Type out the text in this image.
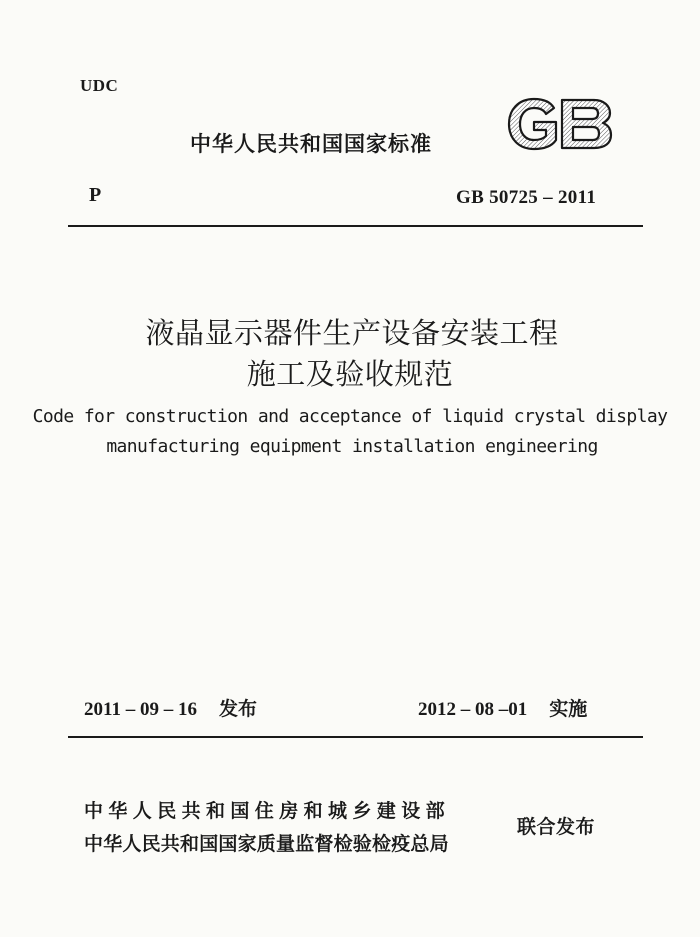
UDC
中华人民共和国国家标准
P	GB 50725 – 2011
液晶显示器件生产设备安装工程
施工及验收规范
Code for construction and acceptance of liquid crystal display
manufacturing equipment installation engineering
2011 – 09 – 16 发布	2012 – 08 –01 实施
中华人民共和国住房和城乡建设部
中华人民共和国国家质量监督检验检疫总局
联合发布
